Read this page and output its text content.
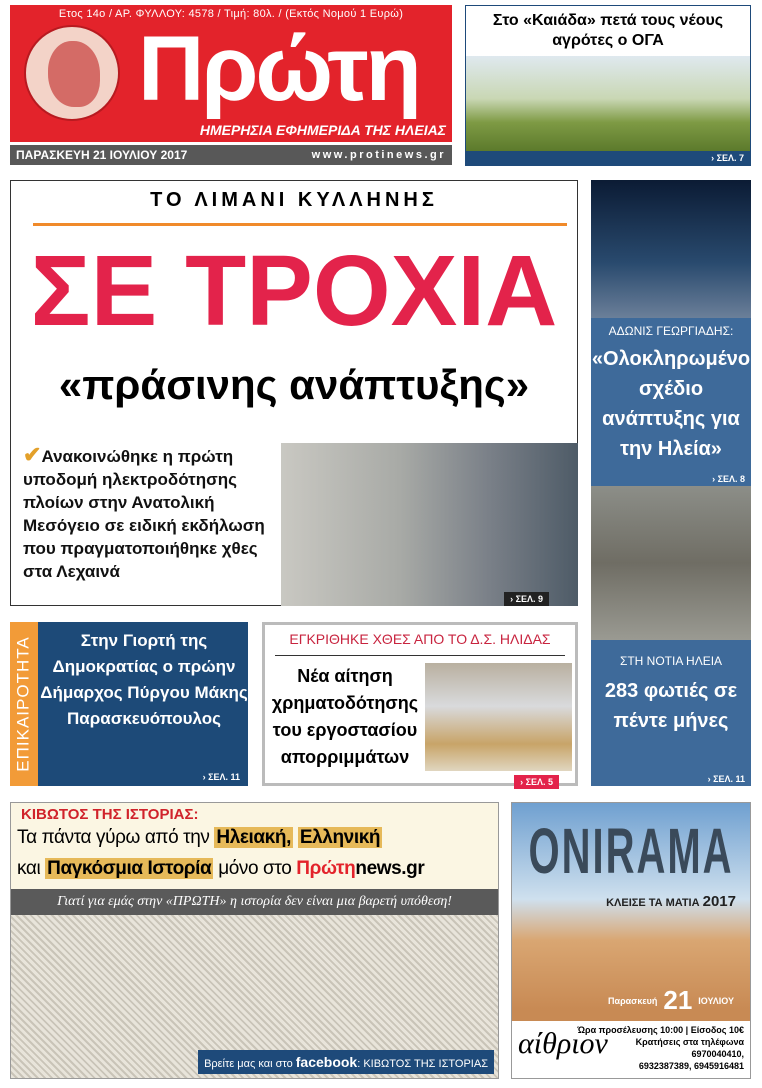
Ετος 14ο / ΑΡ. ΦΥΛΛΟΥ: 4578 / Τιμή: 80λ. / (Εκτός Νομού 1 Ευρώ)
Πρώτη
ΗΜΕΡΗΣΙΑ ΕΦΗΜΕΡΙΔΑ ΤΗΣ ΗΛΕΙΑΣ
ΠΑΡΑΣΚΕΥΗ 21 ΙΟΥΛΙΟΥ 2017	www.protinews.gr
Στο «Καιάδα» πετά τους νέους αγρότες ο ΟΓΑ
› ΣΕΛ. 7
ΤΟ ΛΙΜΑΝΙ ΚΥΛΛΗΝΗΣ
ΣΕ ΤΡΟΧΙΑ
«πράσινης ανάπτυξης»
✔Ανακοινώθηκε η πρώτη υποδομή ηλεκτροδότησης πλοίων στην Ανατολική Μεσόγειο σε ειδική εκδήλωση που πραγματοποιήθηκε χθες στα Λεχαινά
› ΣΕΛ. 9
ΑΔΩΝΙΣ ΓΕΩΡΓΙΑΔΗΣ:
«Ολοκληρωμένο σχέδιο ανάπτυξης για την Ηλεία»
› ΣΕΛ. 8
ΣΤΗ ΝΟΤΙΑ ΗΛΕΙΑ
283 φωτιές σε πέντε μήνες
› ΣΕΛ. 11
ΕΠΙΚΑΙΡΟΤΗΤΑ	Στην Γιορτή της Δημοκρατίας ο πρώην Δήμαρχος Πύργου Μάκης Παρασκευόπουλος
› ΣΕΛ. 11
ΕΓΚΡΙΘΗΚΕ ΧΘΕΣ ΑΠΟ ΤΟ Δ.Σ. ΗΛΙΔΑΣ
Νέα αίτηση χρηματοδότησης του εργοστασίου απορριμμάτων
› ΣΕΛ. 5
ΚΙΒΩΤΟΣ ΤΗΣ ΙΣΤΟΡΙΑΣ:
Τα πάντα γύρω από την Ηλειακή, Ελληνική
και Παγκόσμια Ιστορία μόνο στο Πρώτηnews.gr
Γιατί για εμάς στην «ΠΡΩΤΗ» η ιστορία δεν είναι μια βαρετή υπόθεση!
Βρείτε μας και στο facebook: ΚΙΒΩΤΟΣ ΤΗΣ ΙΣΤΟΡΙΑΣ
ONIRAMA
ΚΛΕΙΣΕ ΤΑ ΜΑΤΙΑ 2017
αίθριον
Ώρα προσέλευσης 10:00 | Είσοδος 10€
Κρατήσεις στα τηλέφωνα
6970040410,
6932387389, 6945916481
Παρασκευή 21 ΙΟΥΛΙΟΥ
